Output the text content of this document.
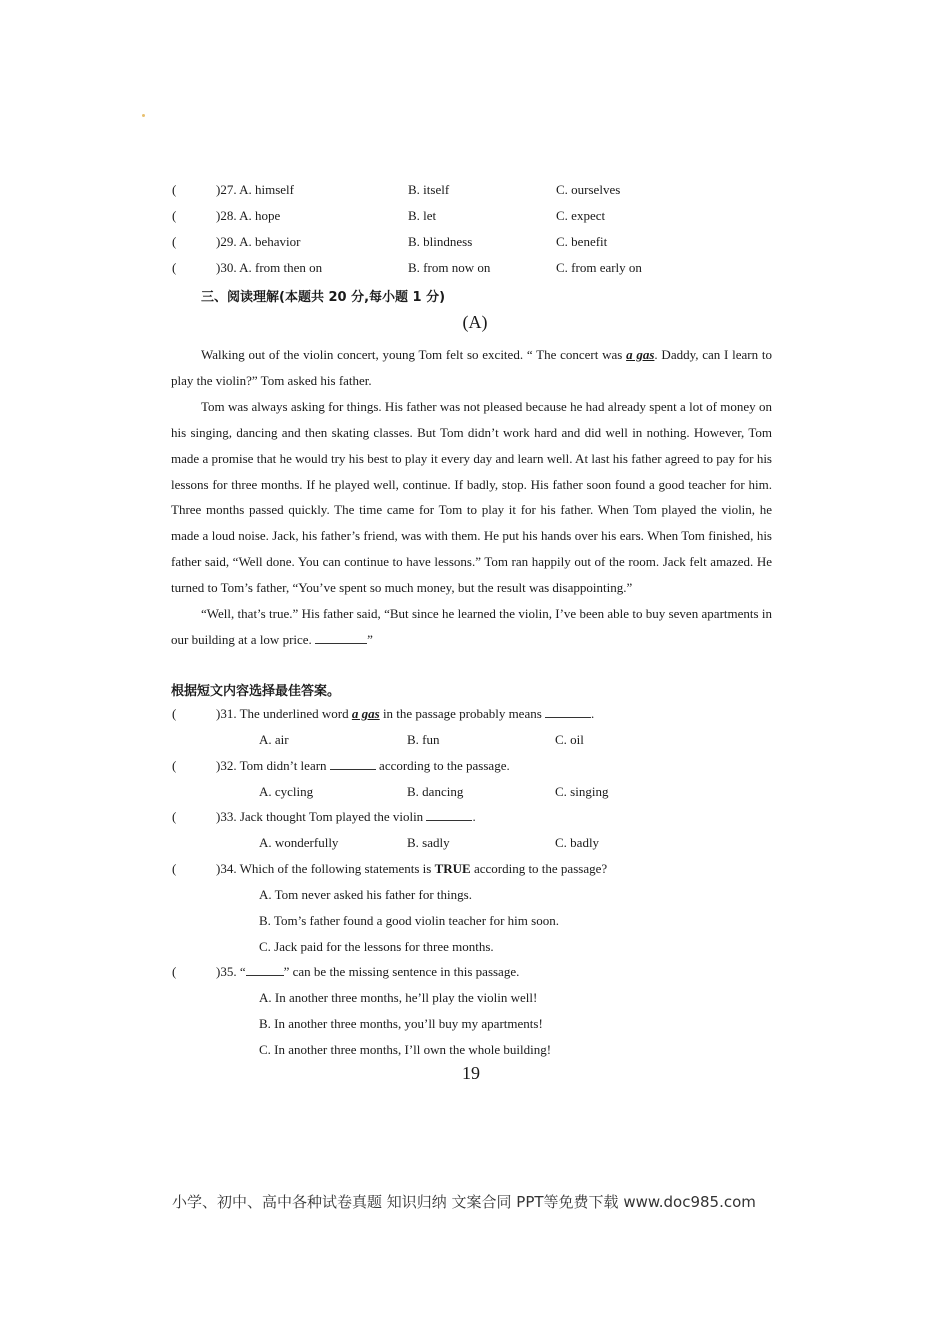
(	)27. A. himself	B. itself	C. ourselves
(	)28. A. hope	B. let	C. expect
(	)29. A. behavior	B. blindness	C. benefit
(	)30. A. from then on	B. from now on	C. from early on
三、阅读理解(本题共 20 分,每小题 1 分)
(A)

Walking out of the violin concert, young Tom felt so excited. “ The concert was a gas. Daddy, can I learn to play the violin?” Tom asked his father.

Tom was always asking for things. His father was not pleased because he had already spent a lot of money on his singing, dancing and then skating classes. But Tom didn’t work hard and did well in nothing. However, Tom made a promise that he would try his best to play it every day and learn well. At last his father agreed to pay for his lessons for three months. If he played well, continue. If badly, stop. His father soon found a good teacher for him. Three months passed quickly. The time came for Tom to play it for his father. When Tom played the violin, he made a loud noise. Jack, his father’s friend, was with them. He put his hands over his ears. When Tom finished, his father said, “Well done. You can continue to have lessons.” Tom ran happily out of the room. Jack felt amazed. He turned to Tom’s father, “You’ve spent so much money, but the result was disappointing.”

“Well, that’s true.” His father said, “But since he learned the violin, I’ve been able to buy seven apartments in our building at a low price.	”

根据短文内容选择最佳答案。
(	)31. The underlined word a gas in the passage probably means	.
A. air	B. fun	C. oil
(	)32. Tom didn’t learn	according to the passage.
A. cycling	B. dancing	C. singing
(	)33. Jack thought Tom played the violin	.
A. wonderfully	B. sadly	C. badly
(	)34. Which of the following statements is TRUE according to the passage?
A. Tom never asked his father for things.
B. Tom’s father found a good violin teacher for him soon.
C. Jack paid for the lessons for three months.
(	)35. “	” can be the missing sentence in this passage.
A. In another three months, he’ll play the violin well!
B. In another three months, you’ll buy my apartments!
C. In another three months, I’ll own the whole building!
19
小学、初中、高中各种试卷真题 知识归纳 文案合同 PPT等免费下载 www.doc985.com
